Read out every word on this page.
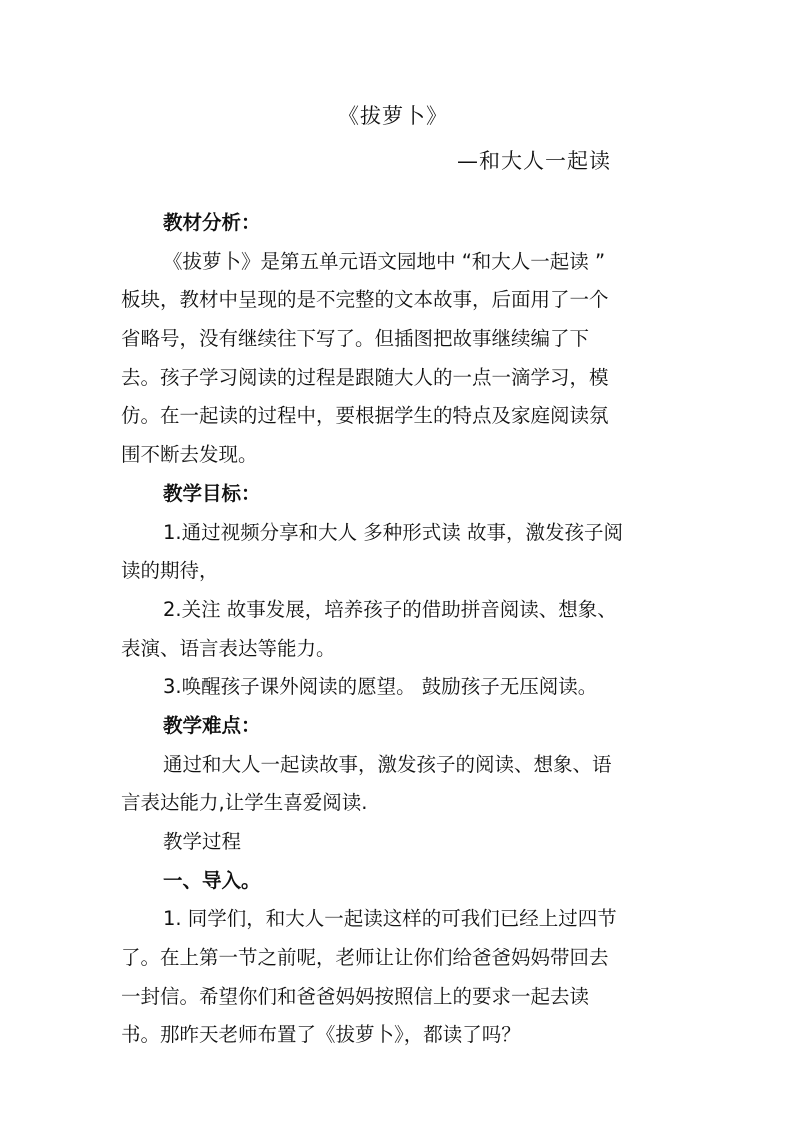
《拔萝卜》
—和大人一起读
教材分析：
《拔萝卜》是第五单元语文园地中 “和大人一起读 ”
板块，教材中呈现的是不完整的文本故事，后面用了一个
省略号，没有继续往下写了。但插图把故事继续编了下
去。孩子学习阅读的过程是跟随大人的一点一滴学习，模
仿。在一起读的过程中，要根据学生的特点及家庭阅读氛
围不断去发现。
教学目标：
1.通过视频分享和大人 多种形式读 故事，激发孩子阅
读的期待，
2.关注 故事发展，培养孩子的借助拼音阅读、想象、
表演、语言表达等能力。
3.唤醒孩子课外阅读的愿望。 鼓励孩子无压阅读。
教学难点：
通过和大人一起读故事，激发孩子的阅读、想象、语
言表达能力,让学生喜爱阅读.
教学过程
一、导入。
1. 同学们，和大人一起读这样的可我们已经上过四节
了。在上第一节之前呢，老师让让你们给爸爸妈妈带回去
一封信。希望你们和爸爸妈妈按照信上的要求一起去读
书。那昨天老师布置了《拔萝卜》，都读了吗？
